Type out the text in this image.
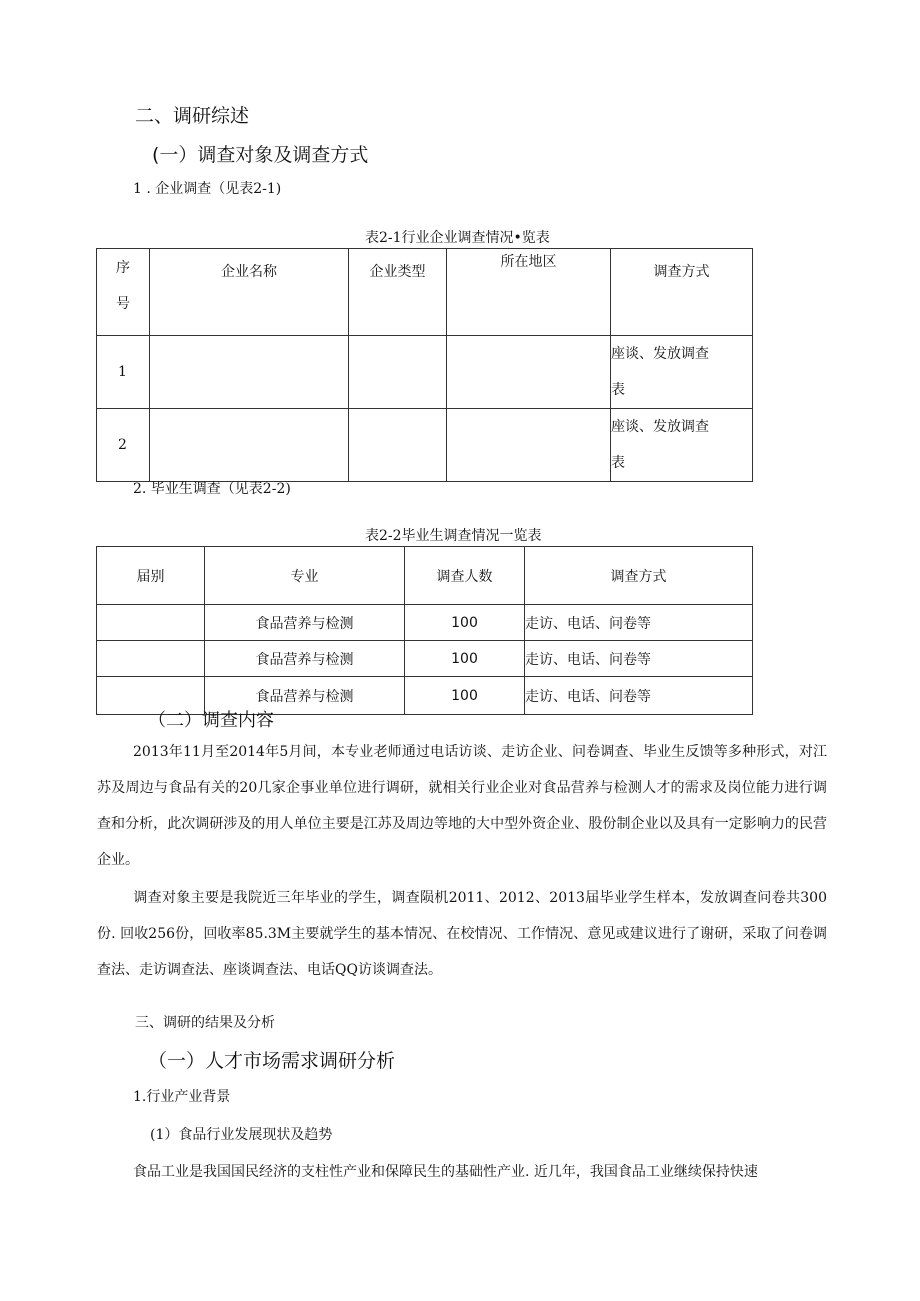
二、调研综述
(一）调查对象及调查方式
1 . 企业调查（见表2-1)
表2-1行业企业调查情况•览表
序号	企业名称	企业类型	所在地区	调查方式
1				座谈、发放调查表
2				座谈、发放调查表
2. 毕业生调查（见表2-2)
表2-2毕业生调查情况一览表
届别	专业	调查人数	调查方式
	食品营养与检测	100	走访、电话、问卷等
	食品营养与检测	100	走访、电话、问卷等
	食品营养与检测	100	走访、电话、问卷等
（二）调查内容
2013年11月至2014年5月间，本专业老师通过电话访谈、走访企业、问卷调查、毕业生反馈等多种形式，对江苏及周边与食品有关的20几家企事业单位进行调研，就相关行业企业对食品营养与检测人才的需求及岗位能力进行调查和分析，此次调研涉及的用人单位主要是江苏及周边等地的大中型外资企业、股份制企业以及具有一定影响力的民营企业。
调查对象主要是我院近三年毕业的学生，调查陨机2011、2012、2013届毕业学生样本，发放调查问卷共300份. 回收256份，回收率85.3M主要就学生的基本情况、在校情况、工作情况、意见或建议进行了谢研，采取了问卷调查法、走访调查法、座谈调查法、电话QQ访谈调查法。
三、调研的结果及分析
（一）人才市场需求调研分析
1.行业产业背景
(1）食品行业发展现状及趋势
食品工业是我国国民经济的支柱性产业和保障民生的基础性产业. 近几年，我国食品工业继续保持快速
